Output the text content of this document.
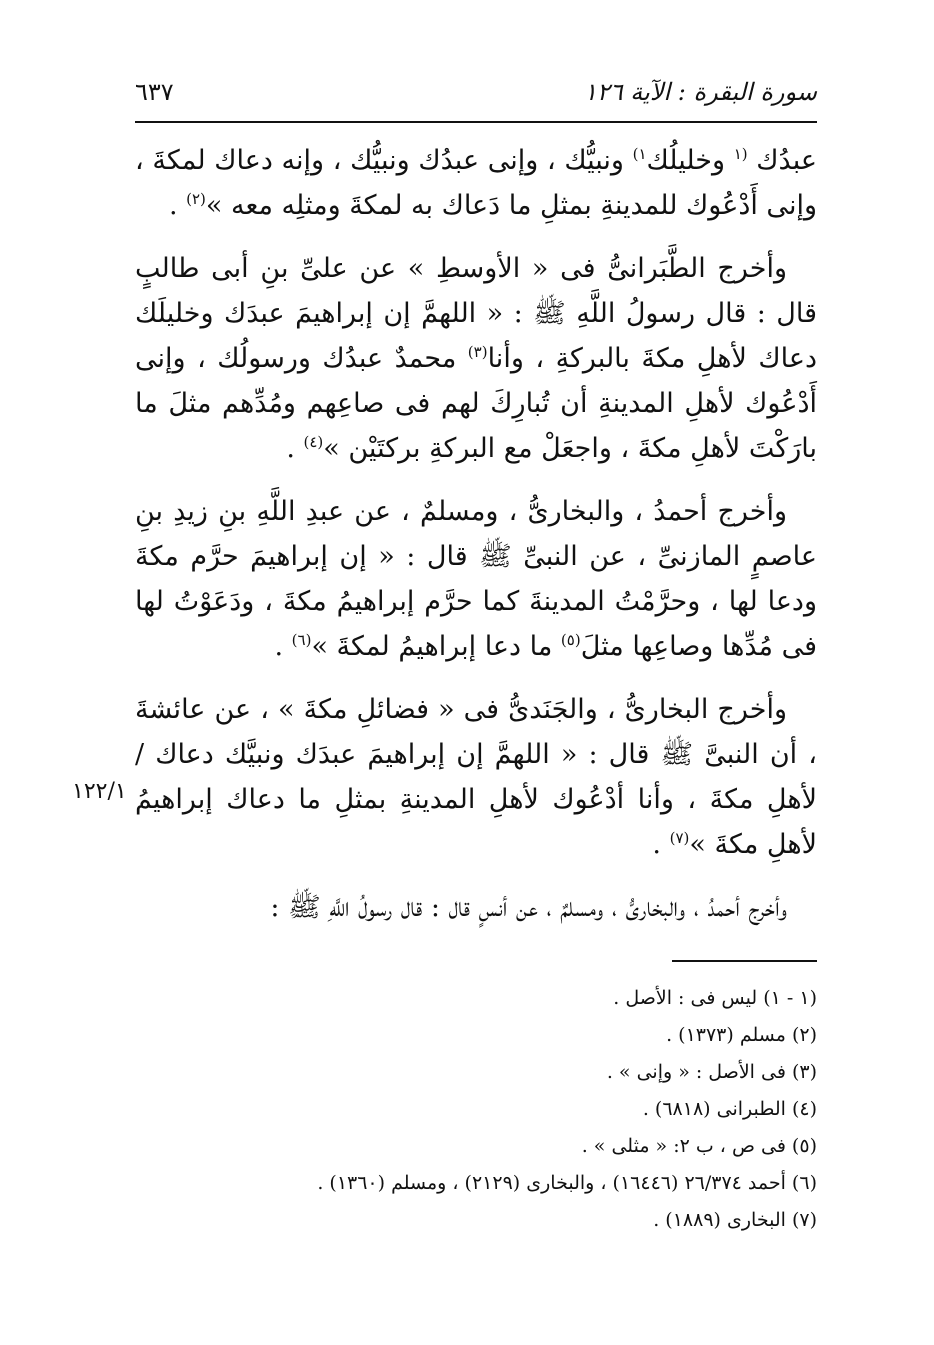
سورة البقرة : الآية ١٢٦
٦٣٧

عبدُك $^{(١}$ وخليلُك$^{١)}$ ونبيُّك ، وإنى عبدُك ونبيُّك ، وإنه دعاك لمكةَ ، وإنى أَدْعُوك للمدينةِ بمثلِ ما دَعاك به لمكةَ ومثلِه معه »$^{(٢)}$ .

وأخرج الطَّبَرانىُّ فى « الأوسطِ » عن علىِّ بنِ أبى طالبٍ قال : قال رسولُ اللَّهِ ﷺ : « اللهمَّ إن إبراهيمَ عبدَك وخليلَك دعاك لأهلِ مكةَ بالبركةِ ، وأنا$^{(٣)}$ محمدٌ عبدُك ورسولُك ، وإنى أَدْعُوك لأهلِ المدينةِ أن تُبارِكَ لهم فى صاعِهم ومُدِّهم مثلَ ما بارَكْتَ لأهلِ مكةَ ، واجعَلْ مع البركةِ بركتَيْن »$^{(٤)}$ .

وأخرج أحمدُ ، والبخارىُّ ، ومسلمٌ ، عن عبدِ اللَّهِ بنِ زيدِ بنِ عاصمٍ المازنىِّ ، عن النبىِّ ﷺ قال : « إن إبراهيمَ حرَّم مكةَ ودعا لها ، وحرَّمْتُ المدينةَ كما حرَّم إبراهيمُ مكةَ ، ودَعَوْتُ لها فى مُدِّها وصاعِها مثلَ$^{(٥)}$ ما دعا إبراهيمُ لمكةَ »$^{(٦)}$ .

وأخرج البخارىُّ ، والجَنَدىُّ فى « فضائلِ مكةَ » ، عن عائشةَ ، أن النبىَّ ﷺ قال : « اللهمَّ إن إبراهيمَ عبدَك ونبيَّك دعاك /لأهلِ مكةَ ، وأنا أدْعُوك لأهلِ المدينةِ بمثلِ ما دعاك إبراهيمُ لأهلِ مكةَ »$^{(٧)}$ .

وأخرج أحمدُ ، والبخارىُّ ، ومسلمٌ ، عن أنسٍ قال : قال رسولُ اللَّهِ ﷺ :

١٢٢/١

(١ - ١) ليس فى : الأصل .

(٢) مسلم (١٣٧٣) .

(٣) فى الأصل : « وإنى » .

(٤) الطبرانى (٦٨١٨) .

(٥) فى ص ، ب ٢: « مثلى » .

(٦) أحمد ٢٦/٣٧٤ (١٦٤٤٦) ، والبخارى (٢١٢٩) ، ومسلم (١٣٦٠) .

(٧) البخارى (١٨٨٩) .
